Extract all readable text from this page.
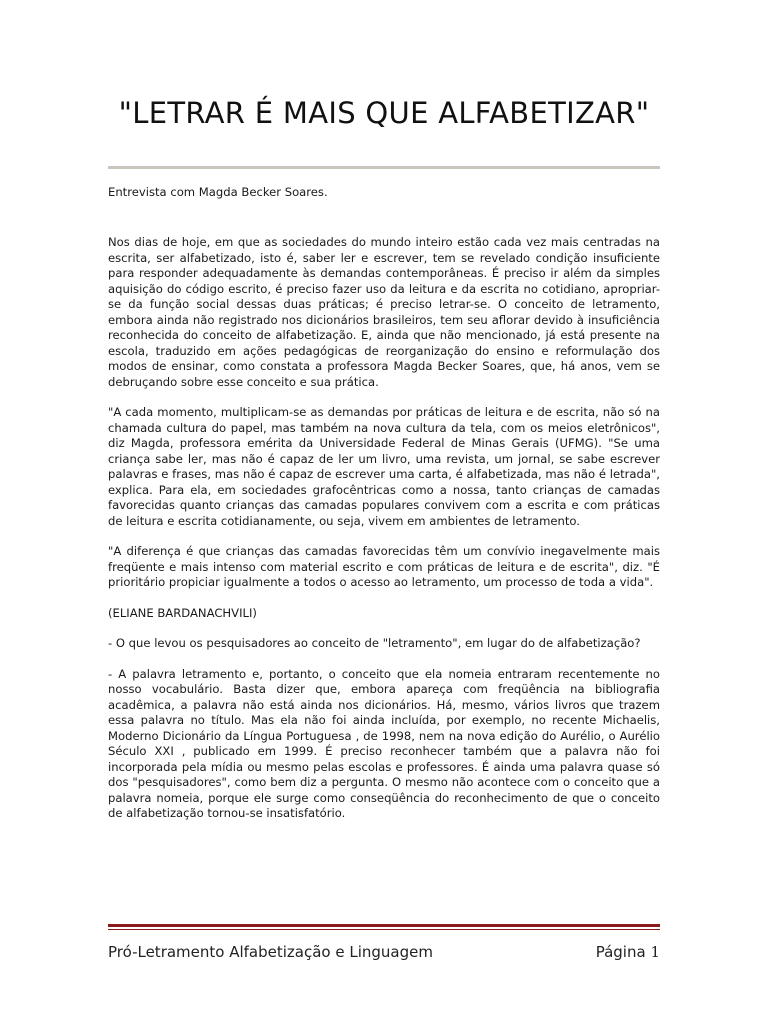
"LETRAR É MAIS QUE ALFABETIZAR"

Entrevista com Magda Becker Soares.

Nos dias de hoje, em que as sociedades do mundo inteiro estão cada vez mais centradas na escrita, ser alfabetizado, isto é, saber ler e escrever, tem se revelado condição insuficiente para responder adequadamente às demandas contemporâneas. É preciso ir além da simples aquisição do código escrito, é preciso fazer uso da leitura e da escrita no cotidiano, apropriar-se da função social dessas duas práticas; é preciso letrar-se. O conceito de letramento, embora ainda não registrado nos dicionários brasileiros, tem seu aflorar devido à insuficiência reconhecida do conceito de alfabetização. E, ainda que não mencionado, já está presente na escola, traduzido em ações pedagógicas de reorganização do ensino e reformulação dos modos de ensinar, como constata a professora Magda Becker Soares, que, há anos, vem se debruçando sobre esse conceito e sua prática.

"A cada momento, multiplicam-se as demandas por práticas de leitura e de escrita, não só na chamada cultura do papel, mas também na nova cultura da tela, com os meios eletrônicos", diz Magda, professora emérita da Universidade Federal de Minas Gerais (UFMG). "Se uma criança sabe ler, mas não é capaz de ler um livro, uma revista, um jornal, se sabe escrever palavras e frases, mas não é capaz de escrever uma carta, é alfabetizada, mas não é letrada", explica. Para ela, em sociedades grafocêntricas como a nossa, tanto crianças de camadas favorecidas quanto crianças das camadas populares convivem com a escrita e com práticas de leitura e escrita cotidianamente, ou seja, vivem em ambientes de letramento.

"A diferença é que crianças das camadas favorecidas têm um convívio inegavelmente mais freqüente e mais intenso com material escrito e com práticas de leitura e de escrita", diz. "É prioritário propiciar igualmente a todos o acesso ao letramento, um processo de toda a vida".

(ELIANE BARDANACHVILI)

- O que levou os pesquisadores ao conceito de "letramento", em lugar do de alfabetização?

- A palavra letramento e, portanto, o conceito que ela nomeia entraram recentemente no nosso vocabulário. Basta dizer que, embora apareça com freqüência na bibliografia acadêmica, a palavra não está ainda nos dicionários. Há, mesmo, vários livros que trazem essa palavra no título. Mas ela não foi ainda incluída, por exemplo, no recente Michaelis, Moderno Dicionário da Língua Portuguesa , de 1998, nem na nova edição do Aurélio, o Aurélio Século XXI , publicado em 1999. É preciso reconhecer também que a palavra não foi incorporada pela mídia ou mesmo pelas escolas e professores. É ainda uma palavra quase só dos "pesquisadores", como bem diz a pergunta. O mesmo não acontece com o conceito que a palavra nomeia, porque ele surge como conseqüência do reconhecimento de que o conceito de alfabetização tornou-se insatisfatório.

Pró-Letramento Alfabetização e Linguagem	Página 1
